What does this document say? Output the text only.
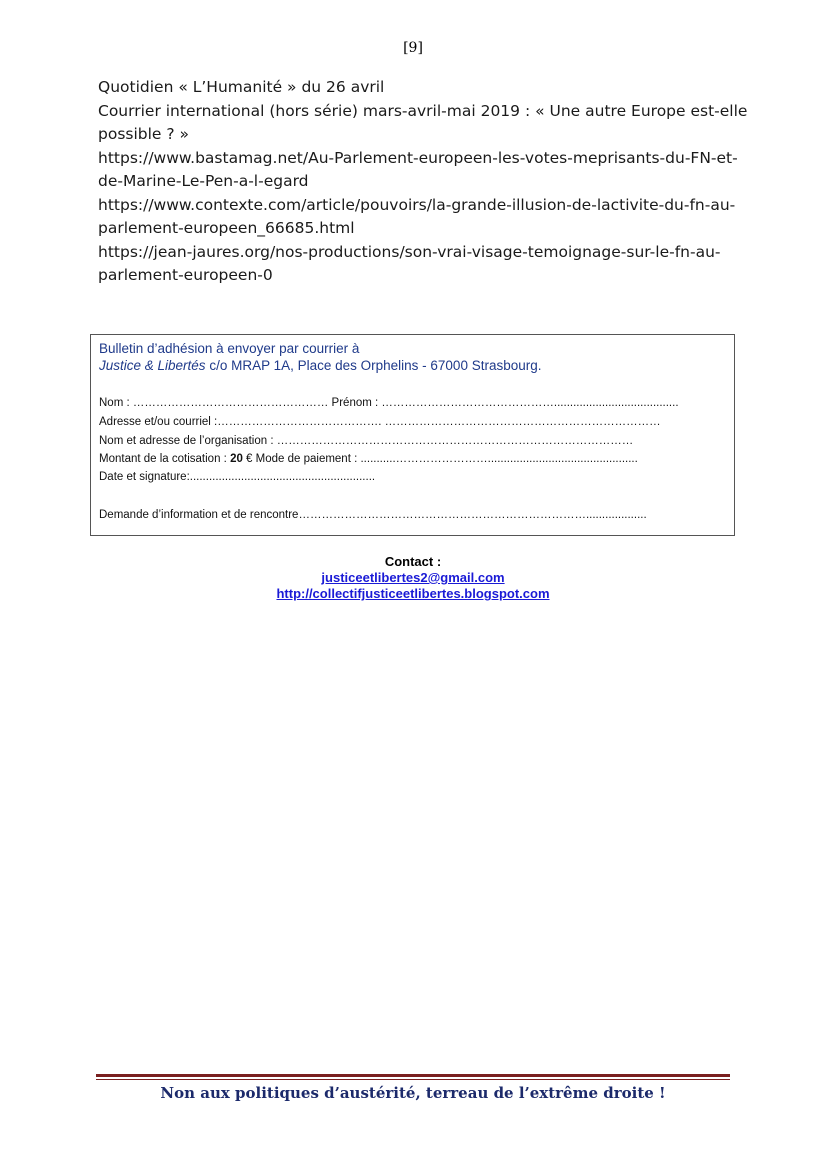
[9]
Quotidien « L’Humanité » du 26 avril
Courrier international (hors série) mars-avril-mai 2019 : « Une autre Europe est-elle
possible ? »
https://www.bastamag.net/Au-Parlement-europeen-les-votes-meprisants-du-FN-et-
de-Marine-Le-Pen-a-l-egard
https://www.contexte.com/article/pouvoirs/la-grande-illusion-de-lactivite-du-fn-au-
parlement-europeen_66685.html
https://jean-jaures.org/nos-productions/son-vrai-visage-temoignage-sur-le-fn-au-
parlement-europeen-0
Bulletin d’adhésion à envoyer par courrier à
Justice & Libertés c/o MRAP 1A, Place des Orphelins - 67000 Strasbourg.
Nom : …………………………………………… Prénom : ……………………………………….......................................
Adresse et/ou courriel :……………………………………. ………………………………………………………………
Nom et adresse de l’organisation : …………………………………………………………………………………
Montant de la cotisation : 20 € Mode de paiement : ...........……………………...............................................
Date et signature:..........................................................
Demande d’information et de rencontre…………………………………………………………………...................
Contact :
justiceetlibertes2@gmail.com
http://collectifjusticeetlibertes.blogspot.com
Non aux politiques d’austérité, terreau de l’extrême droite !
